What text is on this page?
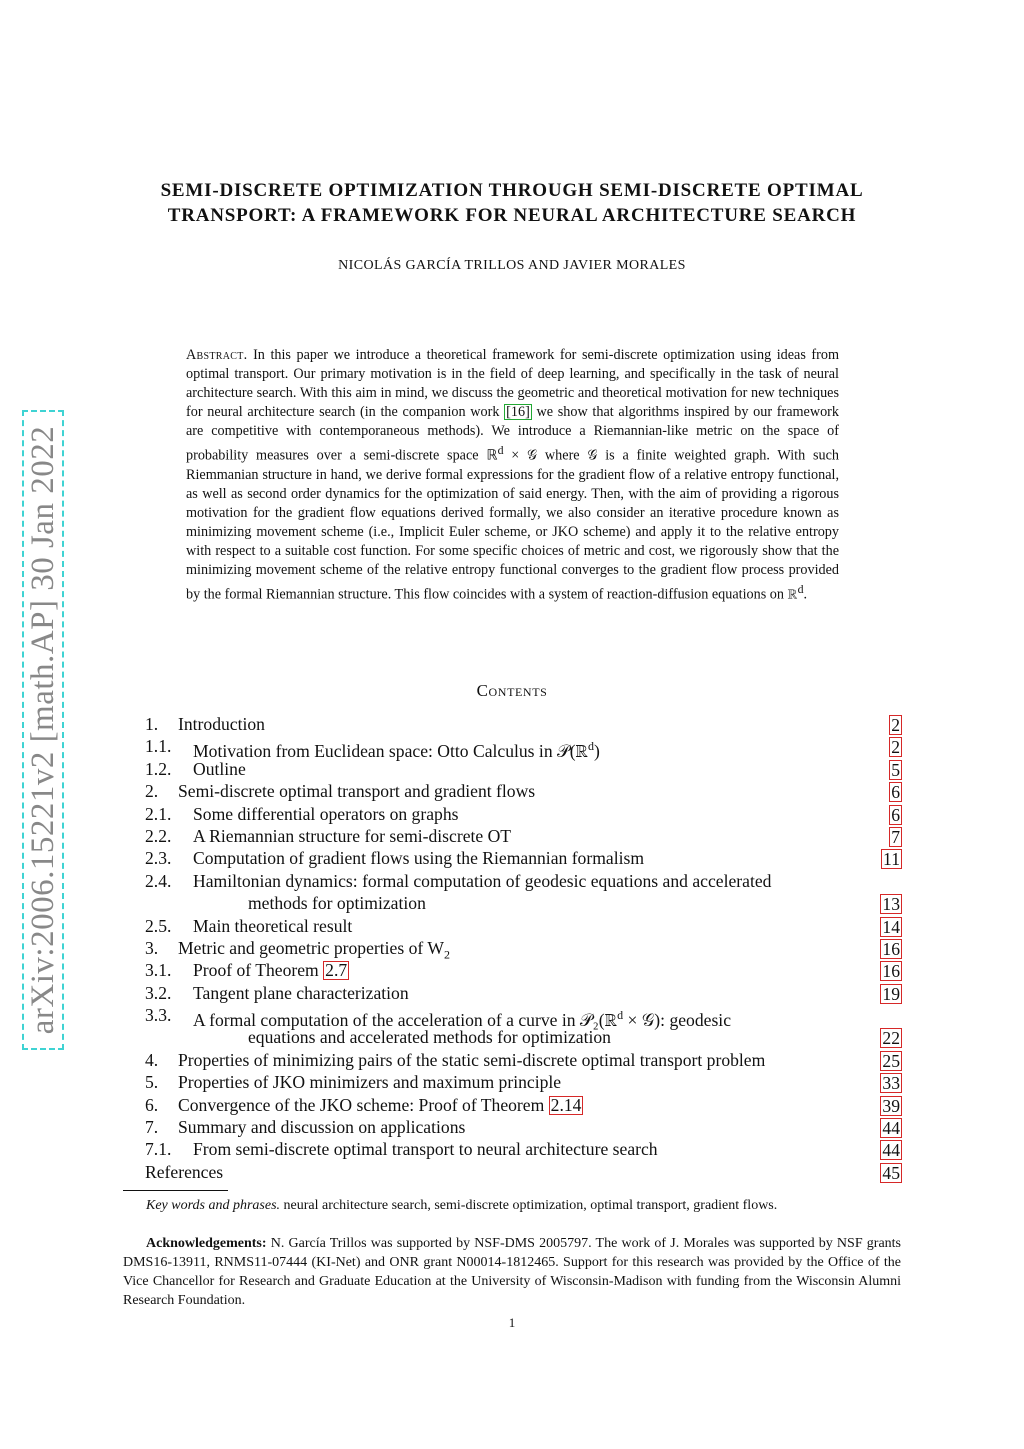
arXiv:2006.15221v2 [math.AP] 30 Jan 2022
SEMI-DISCRETE OPTIMIZATION THROUGH SEMI-DISCRETE OPTIMAL
TRANSPORT: A FRAMEWORK FOR NEURAL ARCHITECTURE SEARCH
NICOLÁS GARCÍA TRILLOS AND JAVIER MORALES
Abstract. In this paper we introduce a theoretical framework for semi-discrete optimization using ideas from optimal transport. Our primary motivation is in the field of deep learning, and specifically in the task of neural architecture search. With this aim in mind, we discuss the geometric and theoretical motivation for new techniques for neural architecture search (in the companion work [16] we show that algorithms inspired by our framework are competitive with contemporaneous methods). We introduce a Riemannian-like metric on the space of probability measures over a semi-discrete space ℝ$^d$ × 𝒢 where 𝒢 is a finite weighted graph. With such Riemmanian structure in hand, we derive formal expressions for the gradient flow of a relative entropy functional, as well as second order dynamics for the optimization of said energy. Then, with the aim of providing a rigorous motivation for the gradient flow equations derived formally, we also consider an iterative procedure known as minimizing movement scheme (i.e., Implicit Euler scheme, or JKO scheme) and apply it to the relative entropy with respect to a suitable cost function. For some specific choices of metric and cost, we rigorously show that the minimizing movement scheme of the relative entropy functional converges to the gradient flow process provided by the formal Riemannian structure. This flow coincides with a system of reaction-diffusion equations on ℝ$^d$.
Contents
1. Introduction	2
1.1. Motivation from Euclidean space: Otto Calculus in 𝒫(ℝ$^d$)	2
1.2. Outline	5
2. Semi-discrete optimal transport and gradient flows	6
2.1. Some differential operators on graphs	6
2.2. A Riemannian structure for semi-discrete OT	7
2.3. Computation of gradient flows using the Riemannian formalism	11
2.4. Hamiltonian dynamics: formal computation of geodesic equations and accelerated
methods for optimization	13
2.5. Main theoretical result	14
3. Metric and geometric properties of $W_2$	16
3.1. Proof of Theorem 2.7	16
3.2. Tangent plane characterization	19
3.3. A formal computation of the acceleration of a curve in 𝒫₂(ℝ$^d$ × 𝒢): geodesic
equations and accelerated methods for optimization	22
4. Properties of minimizing pairs of the static semi-discrete optimal transport problem	25
5. Properties of JKO minimizers and maximum principle	33
6. Convergence of the JKO scheme: Proof of Theorem 2.14	39
7. Summary and discussion on applications	44
7.1. From semi-discrete optimal transport to neural architecture search	44
References	45
Key words and phrases. neural architecture search, semi-discrete optimization, optimal transport, gradient flows.
Acknowledgements: N. García Trillos was supported by NSF-DMS 2005797. The work of J. Morales was supported by NSF grants DMS16-13911, RNMS11-07444 (KI-Net) and ONR grant N00014-1812465. Support for this research was provided by the Office of the Vice Chancellor for Research and Graduate Education at the University of Wisconsin-Madison with funding from the Wisconsin Alumni Research Foundation.
1
